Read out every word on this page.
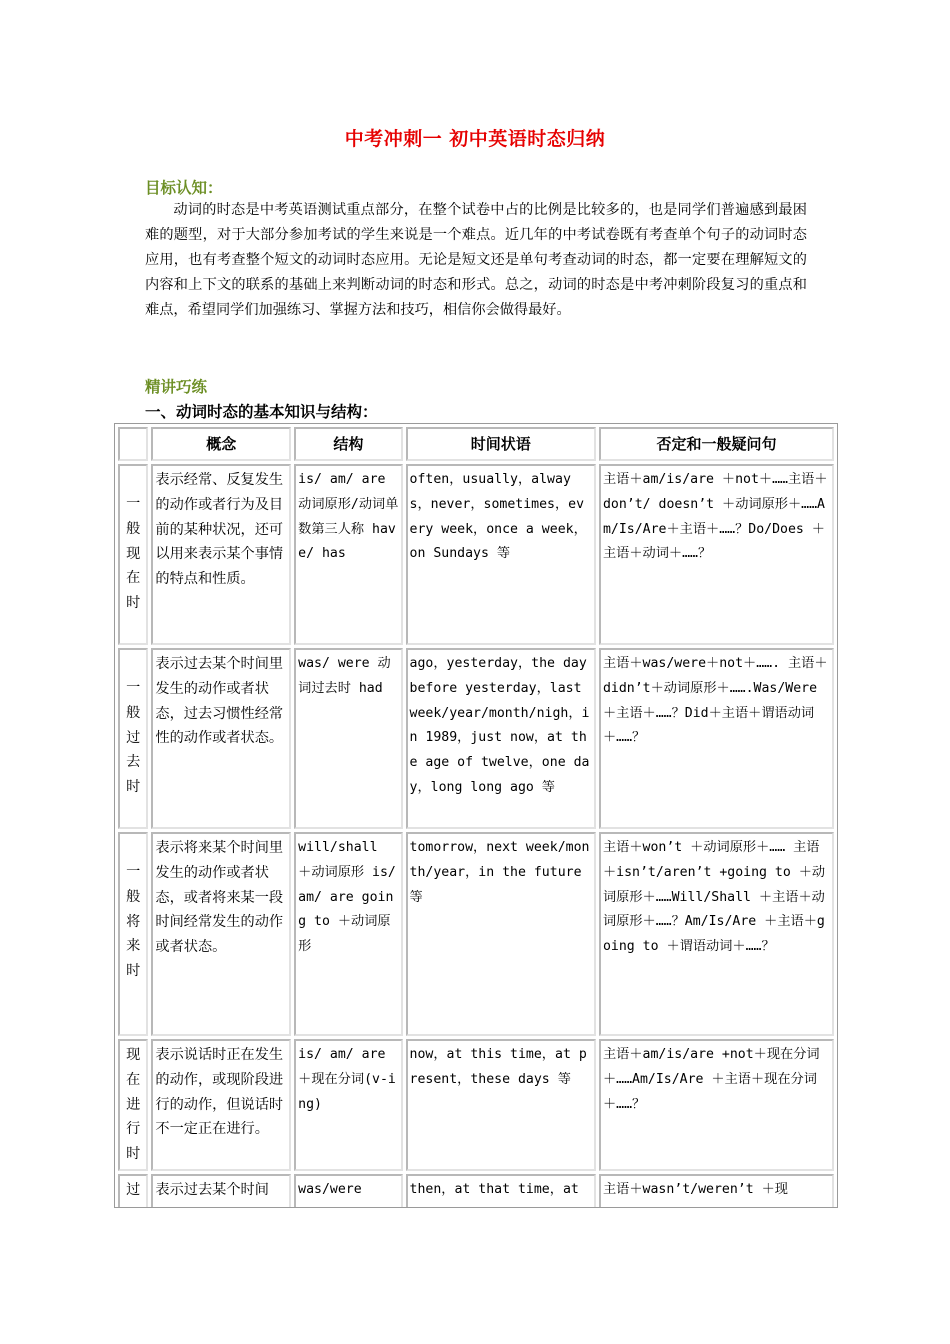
中考冲刺一 初中英语时态归纳
目标认知：

动词的时态是中考英语测试重点部分，在整个试卷中占的比例是比较多的，也是同学们普遍感到最困难的题型，对于大部分参加考试的学生来说是一个难点。近几年的中考试卷既有考查单个句子的动词时态应用，也有考查整个短文的动词时态应用。无论是短文还是单句考查动词的时态，都一定要在理解短文的内容和上下文的联系的基础上来判断动词的时态和形式。总之，动词的时态是中考冲刺阶段复习的重点和难点，希望同学们加强练习、掌握方法和技巧，相信你会做得最好。

精讲巧练
一、动词时态的基本知识与结构：
	概念	结构	时间状语	否定和一般疑问句
一般现在时	表示经常、反复发生的动作或者行为及目前的某种状况，还可以用来表示某个事情的特点和性质。	is/ am/ are 动词原形/动词单数第三人称 have/ has	often，usually，always，never，sometimes，every week，once a week，on Sundays 等	主语＋am/is/are ＋not＋……主语＋don’t/ doesn’t ＋动词原形＋……Am/Is/Are＋主语＋……？Do/Does ＋主语＋动词＋……？
一般过去时	表示过去某个时间里发生的动作或者状态，过去习惯性经常性的动作或者状态。	was/ were 动词过去时 had	ago，yesterday，the day before yesterday，last week/year/month/nigh，in 1989，just now，at the age of twelve，one day，long long ago 等	主语＋was/were＋not＋……. 主语＋didn’t＋动词原形＋…….Was/Were ＋主语＋……？Did＋主语＋谓语动词＋……？
一般将来时	表示将来某个时间里发生的动作或者状态，或者将来某一段时间经常发生的动作或者状态。	will/shall ＋动词原形 is/am/ are going to ＋动词原形	tomorrow，next week/month/year，in the future 等	主语＋won’t ＋动词原形＋…… 主语＋isn’t/aren’t +going to ＋动词原形＋……Will/Shall ＋主语＋动词原形＋……？Am/Is/Are ＋主语＋going to ＋谓语动词＋……？
现在进行时	表示说话时正在发生的动作，或现阶段进行的动作，但说话时不一定正在进行。	is/ am/ are ＋现在分词(v-ing)	now，at this time，at present，these days 等	主语＋am/is/are +not＋现在分词＋……Am/Is/Are ＋主语＋现在分词＋……？
过	表示过去某个时间	was/were	then，at that time，at	主语＋wasn’t/weren’t ＋现
